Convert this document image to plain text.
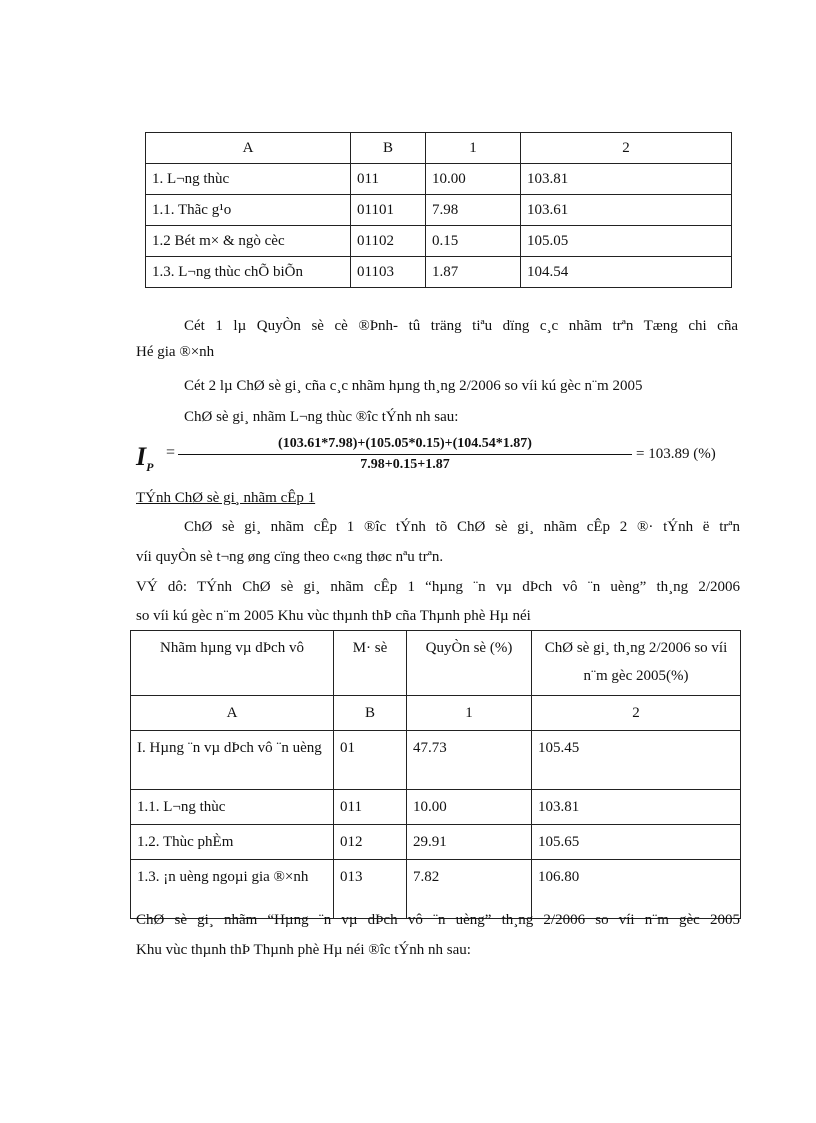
A	B	1	2
1. L¬ng thùc	011	10.00	103.81
1.1. Thãc g¹o	01101	7.98	103.61
1.2 Bét m× & ngò cèc	01102	0.15	105.05
1.3. L¬ng thùc chÕ biÕn	01103	1.87	104.54
Cét 1 lµ QuyÒn sè cè ®Þnh- tû träng tiªu dïng c¸c nhãm trªn Tæng chi cña
Hé gia ®×nh
Cét 2 lµ ChØ sè gi¸ cña c¸c nhãm hµng th¸ng 2/2006 so víi kú gèc n¨m 2005
ChØ sè gi¸ nhãm L¬ng thùc ®îc tÝnh nh sau:
$I_P$
= $\frac{(103.61*7.98)+(105.05*0.15)+(104.54*1.87)}{7.98+0.15+1.87} = 103.89$ (%)
TÝnh ChØ sè gi¸ nhãm cÊp 1
ChØ sè gi¸ nhãm cÊp 1 ®îc tÝnh tõ ChØ sè gi¸ nhãm cÊp 2 ®· tÝnh ë trªn
víi quyÒn sè t¬ng øng cïng theo c«ng thøc nªu trªn.
VÝ dô: TÝnh ChØ sè gi¸ nhãm cÊp 1 “hµng ¨n vµ dÞch vô ¨n uèng” th¸ng 2/2006
so víi kú gèc n¨m 2005 Khu vùc thµnh thÞ cña Thµnh phè Hµ néi
Nhãm hµng vµ dÞch vô	M· sè	QuyÒn sè (%)	ChØ sè gi¸ th¸ng 2/2006 so víi n¨m gèc 2005(%)
A	B	1	2
I. Hµng ¨n vµ dÞch vô ¨n uèng	01	47.73	105.45
1.1. L¬ng thùc	011	10.00	103.81
1.2. Thùc phÈm	012	29.91	105.65
1.3. ¡n uèng ngoµi gia ®×nh	013	7.82	106.80
ChØ sè gi¸ nhãm “Hµng ¨n vµ dÞch vô ¨n uèng” th¸ng 2/2006 so víi n¨m gèc 2005
Khu vùc thµnh thÞ Thµnh phè Hµ néi ®îc tÝnh nh sau:
